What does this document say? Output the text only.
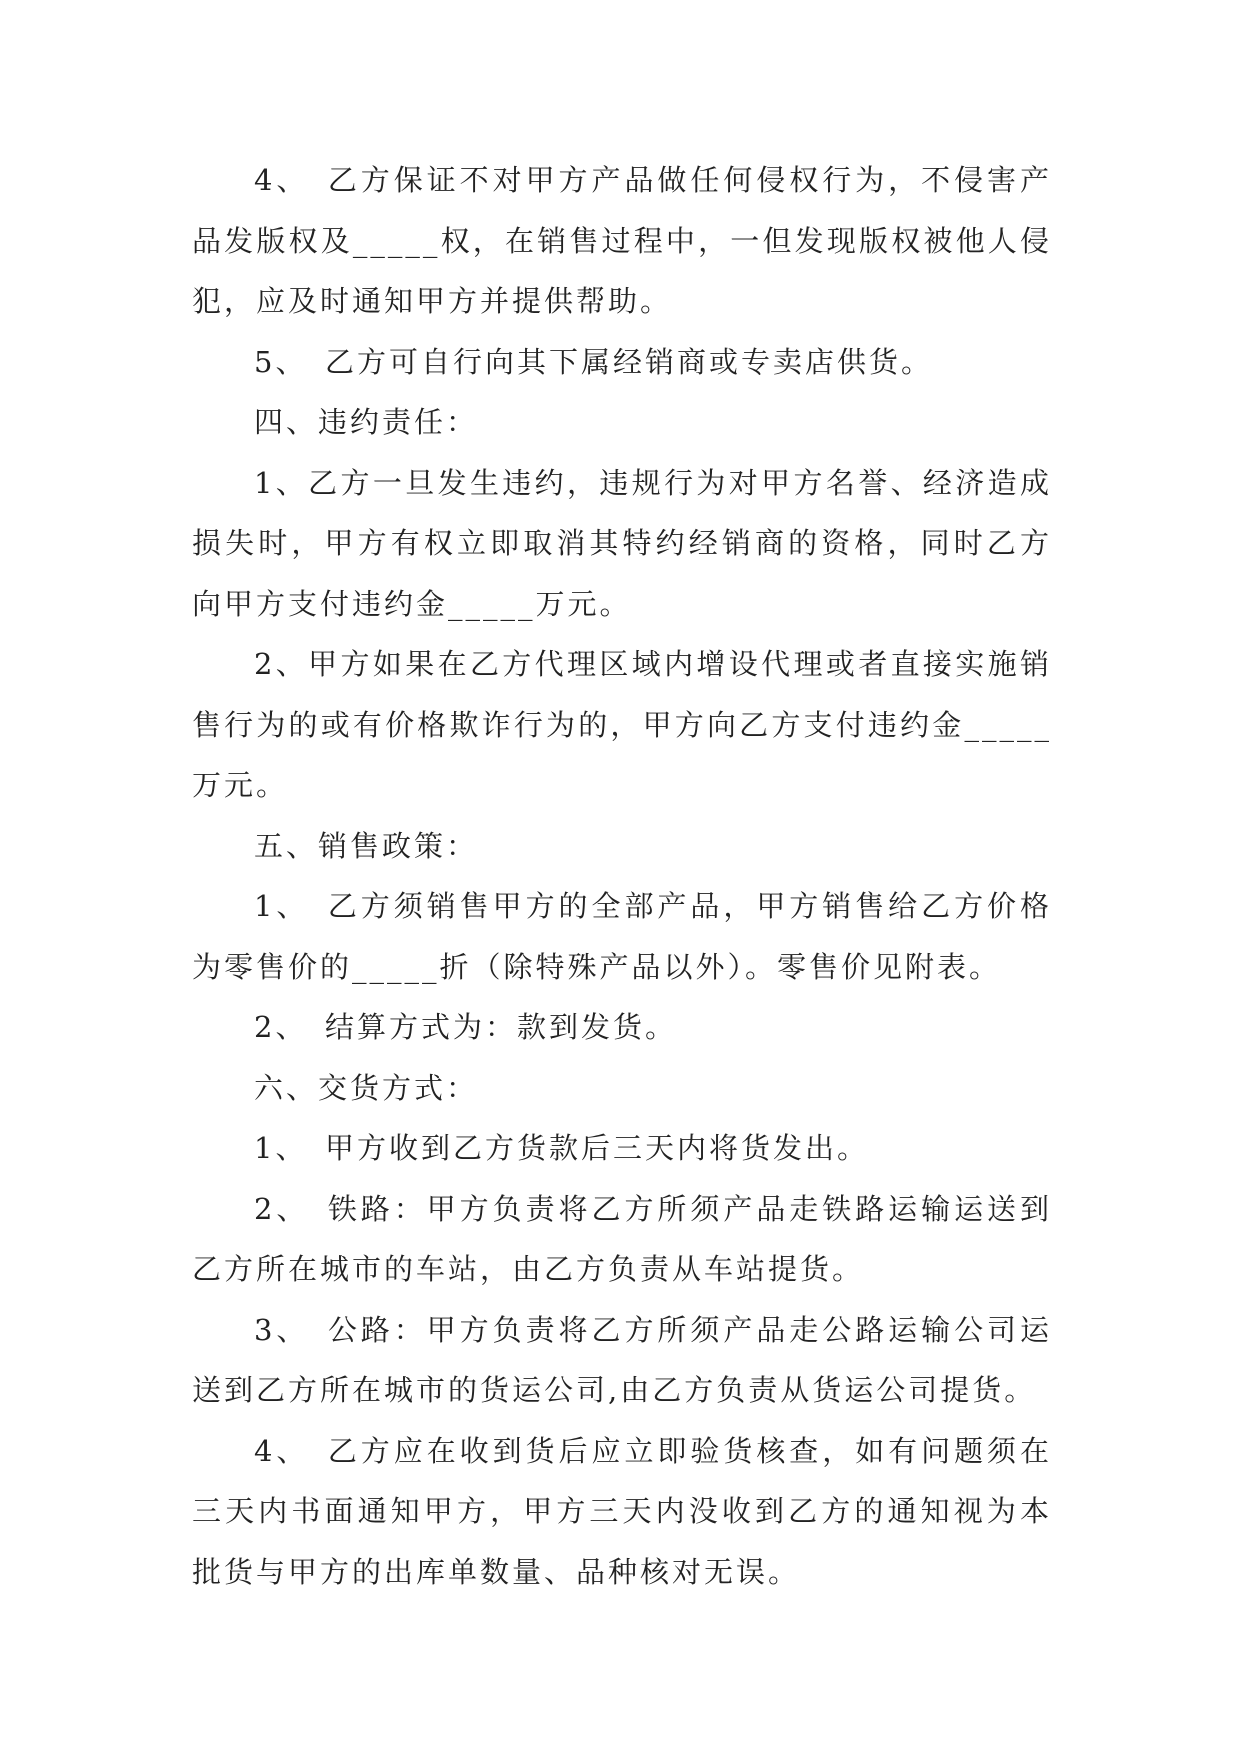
4、　乙方保证不对甲方产品做任何侵权行为，不侵害产品发版权及_____权，在销售过程中，一但发现版权被他人侵犯，应及时通知甲方并提供帮助。

5、　乙方可自行向其下属经销商或专卖店供货。

四、违约责任：

1、乙方一旦发生违约，违规行为对甲方名誉、经济造成损失时，甲方有权立即取消其特约经销商的资格，同时乙方向甲方支付违约金_____万元。

2、甲方如果在乙方代理区域内增设代理或者直接实施销售行为的或有价格欺诈行为的，甲方向乙方支付违约金_____万元。

五、销售政策：

1、　乙方须销售甲方的全部产品，甲方销售给乙方价格为零售价的_____折（除特殊产品以外）。零售价见附表。

2、　结算方式为：款到发货。

六、交货方式：

1、　甲方收到乙方货款后三天内将货发出。

2、　铁路：甲方负责将乙方所须产品走铁路运输运送到乙方所在城市的车站，由乙方负责从车站提货。

3、　公路：甲方负责将乙方所须产品走公路运输公司运送到乙方所在城市的货运公司,由乙方负责从货运公司提货。

4、　乙方应在收到货后应立即验货核查，如有问题须在三天内书面通知甲方，甲方三天内没收到乙方的通知视为本批货与甲方的出库单数量、品种核对无误。
